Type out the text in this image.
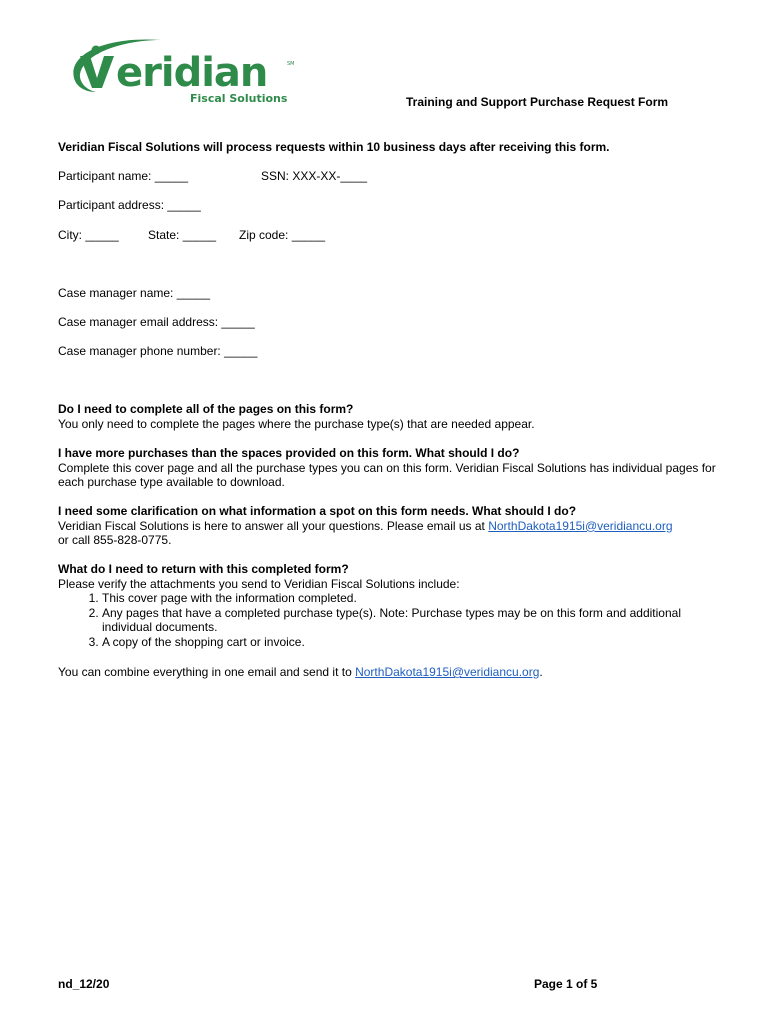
eridian	SM
Fiscal Solutions	Training and Support Purchase Request Form
Veridian Fiscal Solutions will process requests within 10 business days after receiving this form.
Participant name: _____	SSN: XXX-XX-____
Participant address: _____
City: _____ State: _____ Zip code: _____
Case manager name: _____
Case manager email address: _____
Case manager phone number: _____

Do I need to complete all of the pages on this form?

You only need to complete the pages where the purchase type(s) that are needed appear.

I have more purchases than the spaces provided on this form. What should I do?

Complete this cover page and all the purchase types you can on this form. Veridian Fiscal Solutions has individual pages for each purchase type available to download.

I need some clarification on what information a spot on this form needs. What should I do?

Veridian Fiscal Solutions is here to answer all your questions. Please email us at NorthDakota1915i@veridiancu.org
or call 855-828-0775.

What do I need to return with this completed form?

Please verify the attachments you send to Veridian Fiscal Solutions include:

1. This cover page with the information completed.
2. Any pages that have a completed purchase type(s). Note: Purchase types may be on this form and additional individual documents.
3. A copy of the shopping cart or invoice.

You can combine everything in one email and send it to NorthDakota1915i@veridiancu.org.

nd_12/20	Page 1 of 5
